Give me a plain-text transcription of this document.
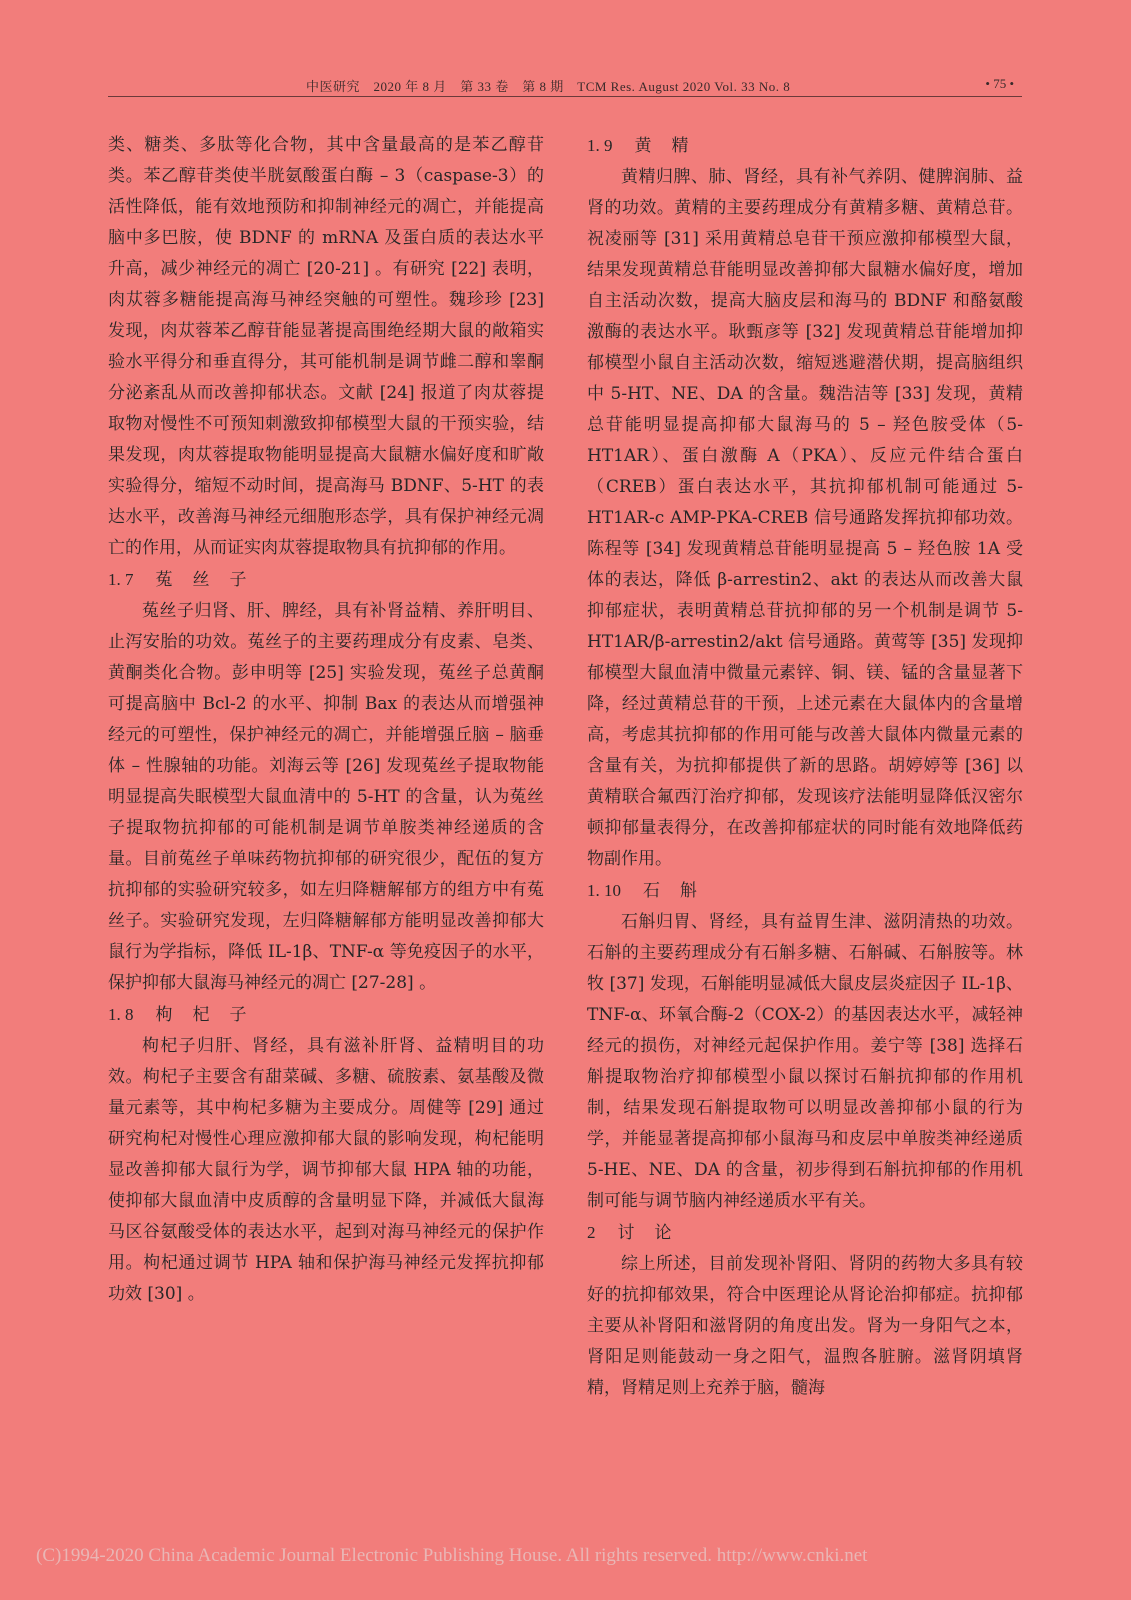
中医研究　2020 年 8 月　第 33 卷　第 8 期　TCM Res. August 2020 Vol. 33 No. 8	• 75 •

类、糖类、多肽等化合物，其中含量最高的是苯乙醇苷类。苯乙醇苷类使半胱氨酸蛋白酶 – 3（caspase-3）的活性降低，能有效地预防和抑制神经元的凋亡，并能提高脑中多巴胺，使 BDNF 的 mRNA 及蛋白质的表达水平升高，减少神经元的凋亡 [20-21] 。有研究 [22] 表明，肉苁蓉多糖能提高海马神经突触的可塑性。魏珍珍 [23] 发现，肉苁蓉苯乙醇苷能显著提高围绝经期大鼠的敞箱实验水平得分和垂直得分，其可能机制是调节雌二醇和睾酮分泌紊乱从而改善抑郁状态。文献 [24] 报道了肉苁蓉提取物对慢性不可预知刺激致抑郁模型大鼠的干预实验，结果发现，肉苁蓉提取物能明显提高大鼠糖水偏好度和旷敞实验得分，缩短不动时间，提高海马 BDNF、5-HT 的表达水平，改善海马神经元细胞形态学，具有保护神经元凋亡的作用，从而证实肉苁蓉提取物具有抗抑郁的作用。

1. 7 菟丝子

菟丝子归肾、肝、脾经，具有补肾益精、养肝明目、止泻安胎的功效。菟丝子的主要药理成分有皮素、皂类、黄酮类化合物。彭申明等 [25] 实验发现，菟丝子总黄酮可提高脑中 Bcl-2 的水平、抑制 Bax 的表达从而增强神经元的可塑性，保护神经元的凋亡，并能增强丘脑 – 脑垂体 – 性腺轴的功能。刘海云等 [26] 发现菟丝子提取物能明显提高失眠模型大鼠血清中的 5-HT 的含量，认为菟丝子提取物抗抑郁的可能机制是调节单胺类神经递质的含量。目前菟丝子单味药物抗抑郁的研究很少，配伍的复方抗抑郁的实验研究较多，如左归降糖解郁方的组方中有菟丝子。实验研究发现，左归降糖解郁方能明显改善抑郁大鼠行为学指标，降低 IL-1β、TNF-α 等免疫因子的水平，保护抑郁大鼠海马神经元的凋亡 [27-28] 。

1. 8 枸杞子

枸杞子归肝、肾经，具有滋补肝肾、益精明目的功效。枸杞子主要含有甜菜碱、多糖、硫胺素、氨基酸及微量元素等，其中枸杞多糖为主要成分。周健等 [29] 通过研究枸杞对慢性心理应激抑郁大鼠的影响发现，枸杞能明显改善抑郁大鼠行为学，调节抑郁大鼠 HPA 轴的功能，使抑郁大鼠血清中皮质醇的含量明显下降，并减低大鼠海马区谷氨酸受体的表达水平，起到对海马神经元的保护作用。枸杞通过调节 HPA 轴和保护海马神经元发挥抗抑郁功效 [30] 。

1. 9 黄精

黄精归脾、肺、肾经，具有补气养阴、健脾润肺、益肾的功效。黄精的主要药理成分有黄精多糖、黄精总苷。祝凌丽等 [31] 采用黄精总皂苷干预应激抑郁模型大鼠，结果发现黄精总苷能明显改善抑郁大鼠糖水偏好度，增加自主活动次数，提高大脑皮层和海马的 BDNF 和酪氨酸激酶的表达水平。耿甄彦等 [32] 发现黄精总苷能增加抑郁模型小鼠自主活动次数，缩短逃避潜伏期，提高脑组织中 5-HT、NE、DA 的含量。魏浩洁等 [33] 发现，黄精总苷能明显提高抑郁大鼠海马的 5 – 羟色胺受体（5-HT1AR）、蛋白激酶 A（PKA）、反应元件结合蛋白（CREB）蛋白表达水平，其抗抑郁机制可能通过 5-HT1AR-c AMP-PKA-CREB 信号通路发挥抗抑郁功效。陈程等 [34] 发现黄精总苷能明显提高 5 – 羟色胺 1A 受体的表达，降低 β-arrestin2、akt 的表达从而改善大鼠抑郁症状，表明黄精总苷抗抑郁的另一个机制是调节 5-HT1AR/β-arrestin2/akt 信号通路。黄莺等 [35] 发现抑郁模型大鼠血清中微量元素锌、铜、镁、锰的含量显著下降，经过黄精总苷的干预，上述元素在大鼠体内的含量增高，考虑其抗抑郁的作用可能与改善大鼠体内微量元素的含量有关，为抗抑郁提供了新的思路。胡婷婷等 [36] 以黄精联合氟西汀治疗抑郁，发现该疗法能明显降低汉密尔顿抑郁量表得分，在改善抑郁症状的同时能有效地降低药物副作用。

1. 10 石斛

石斛归胃、肾经，具有益胃生津、滋阴清热的功效。石斛的主要药理成分有石斛多糖、石斛碱、石斛胺等。林牧 [37] 发现，石斛能明显减低大鼠皮层炎症因子 IL-1β、TNF-α、环氧合酶-2（COX-2）的基因表达水平，减轻神经元的损伤，对神经元起保护作用。姜宁等 [38] 选择石斛提取物治疗抑郁模型小鼠以探讨石斛抗抑郁的作用机制，结果发现石斛提取物可以明显改善抑郁小鼠的行为学，并能显著提高抑郁小鼠海马和皮层中单胺类神经递质 5-HE、NE、DA 的含量，初步得到石斛抗抑郁的作用机制可能与调节脑内神经递质水平有关。

2 讨论

综上所述，目前发现补肾阳、肾阴的药物大多具有较好的抗抑郁效果，符合中医理论从肾论治抑郁症。抗抑郁主要从补肾阳和滋肾阴的角度出发。肾为一身阳气之本，肾阳足则能鼓动一身之阳气，温煦各脏腑。滋肾阴填肾精，肾精足则上充养于脑，髓海

(C)1994-2020 China Academic Journal Electronic Publishing House. All rights reserved. http://www.cnki.net
